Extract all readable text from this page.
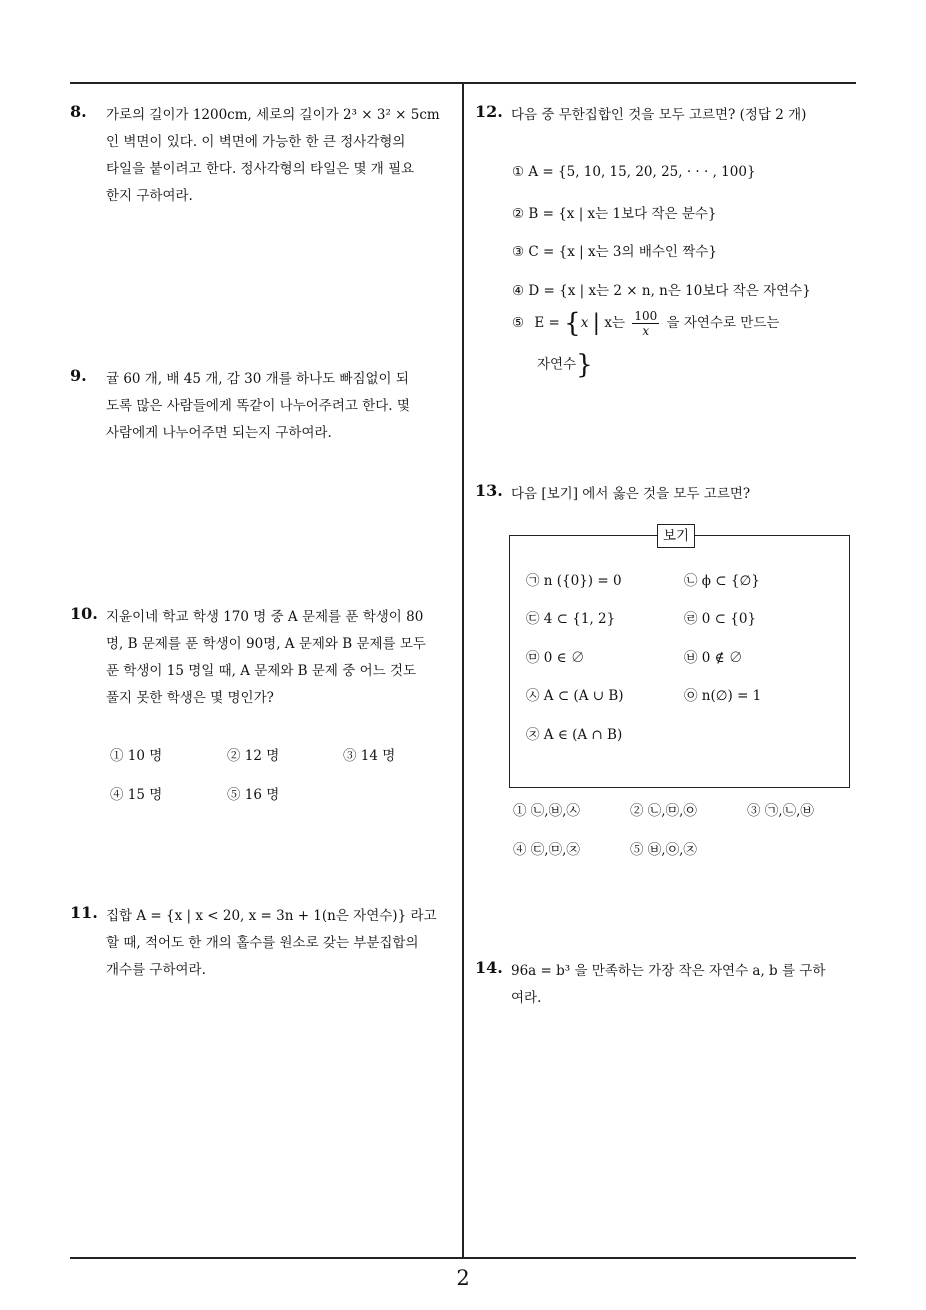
8. 가로의 길이가 1200cm, 세로의 길이가 2³ × 3² × 5cm
인 벽면이 있다. 이 벽면에 가능한 한 큰 정사각형의
타일을 붙이려고 한다. 정사각형의 타일은 몇 개 필요
한지 구하여라.
9. 귤 60 개, 배 45 개, 감 30 개를 하나도 빠짐없이 되
도록 많은 사람들에게 똑같이 나누어주려고 한다. 몇
사람에게 나누어주면 되는지 구하여라.
10. 지윤이네 학교 학생 170 명 중 A 문제를 푼 학생이 80
명, B 문제를 푼 학생이 90명, A 문제와 B 문제를 모두
푼 학생이 15 명일 때, A 문제와 B 문제 중 어느 것도
풀지 못한 학생은 몇 명인가?
① 10 명	② 12 명	③ 14 명
④ 15 명	⑤ 16 명
11. 집합 A = {x | x < 20, x = 3n + 1(n은 자연수)} 라고
할 때, 적어도 한 개의 홀수를 원소로 갖는 부분집합의
개수를 구하여라.
12. 다음 중 무한집합인 것을 모두 고르면? (정답 2 개)
① A = {5, 10, 15, 20, 25, · · · , 100}
② B = {x | x는 1보다 작은 분수}
③ C = {x | x는 3의 배수인 짝수}
④ D = {x | x는 2 × n, n은 10보다 작은 자연수}
⑤ E = {x | x는 $\frac{100}{x}$ 을 자연수로 만드는
자연수}
13. 다음 [보기] 에서 옳은 것을 모두 고르면?
보기
㉠ n ({0}) = 0	㉡ ϕ ⊂ {∅}
㉢ 4 ⊂ {1, 2}	㉣ 0 ⊂ {0}
㉤ 0 ∈ ∅	㉥ 0 ∉ ∅
㉦ A ⊂ (A ∪ B)	㉧ n(∅) = 1
㉨ A ∈ (A ∩ B)
① ㉡,㉥,㉦	② ㉡,㉤,㉧	③ ㉠,㉡,㉥
④ ㉢,㉤,㉨	⑤ ㉥,㉧,㉨
14. 96a = b³ 을 만족하는 가장 작은 자연수 a, b 를 구하
여라.
2
